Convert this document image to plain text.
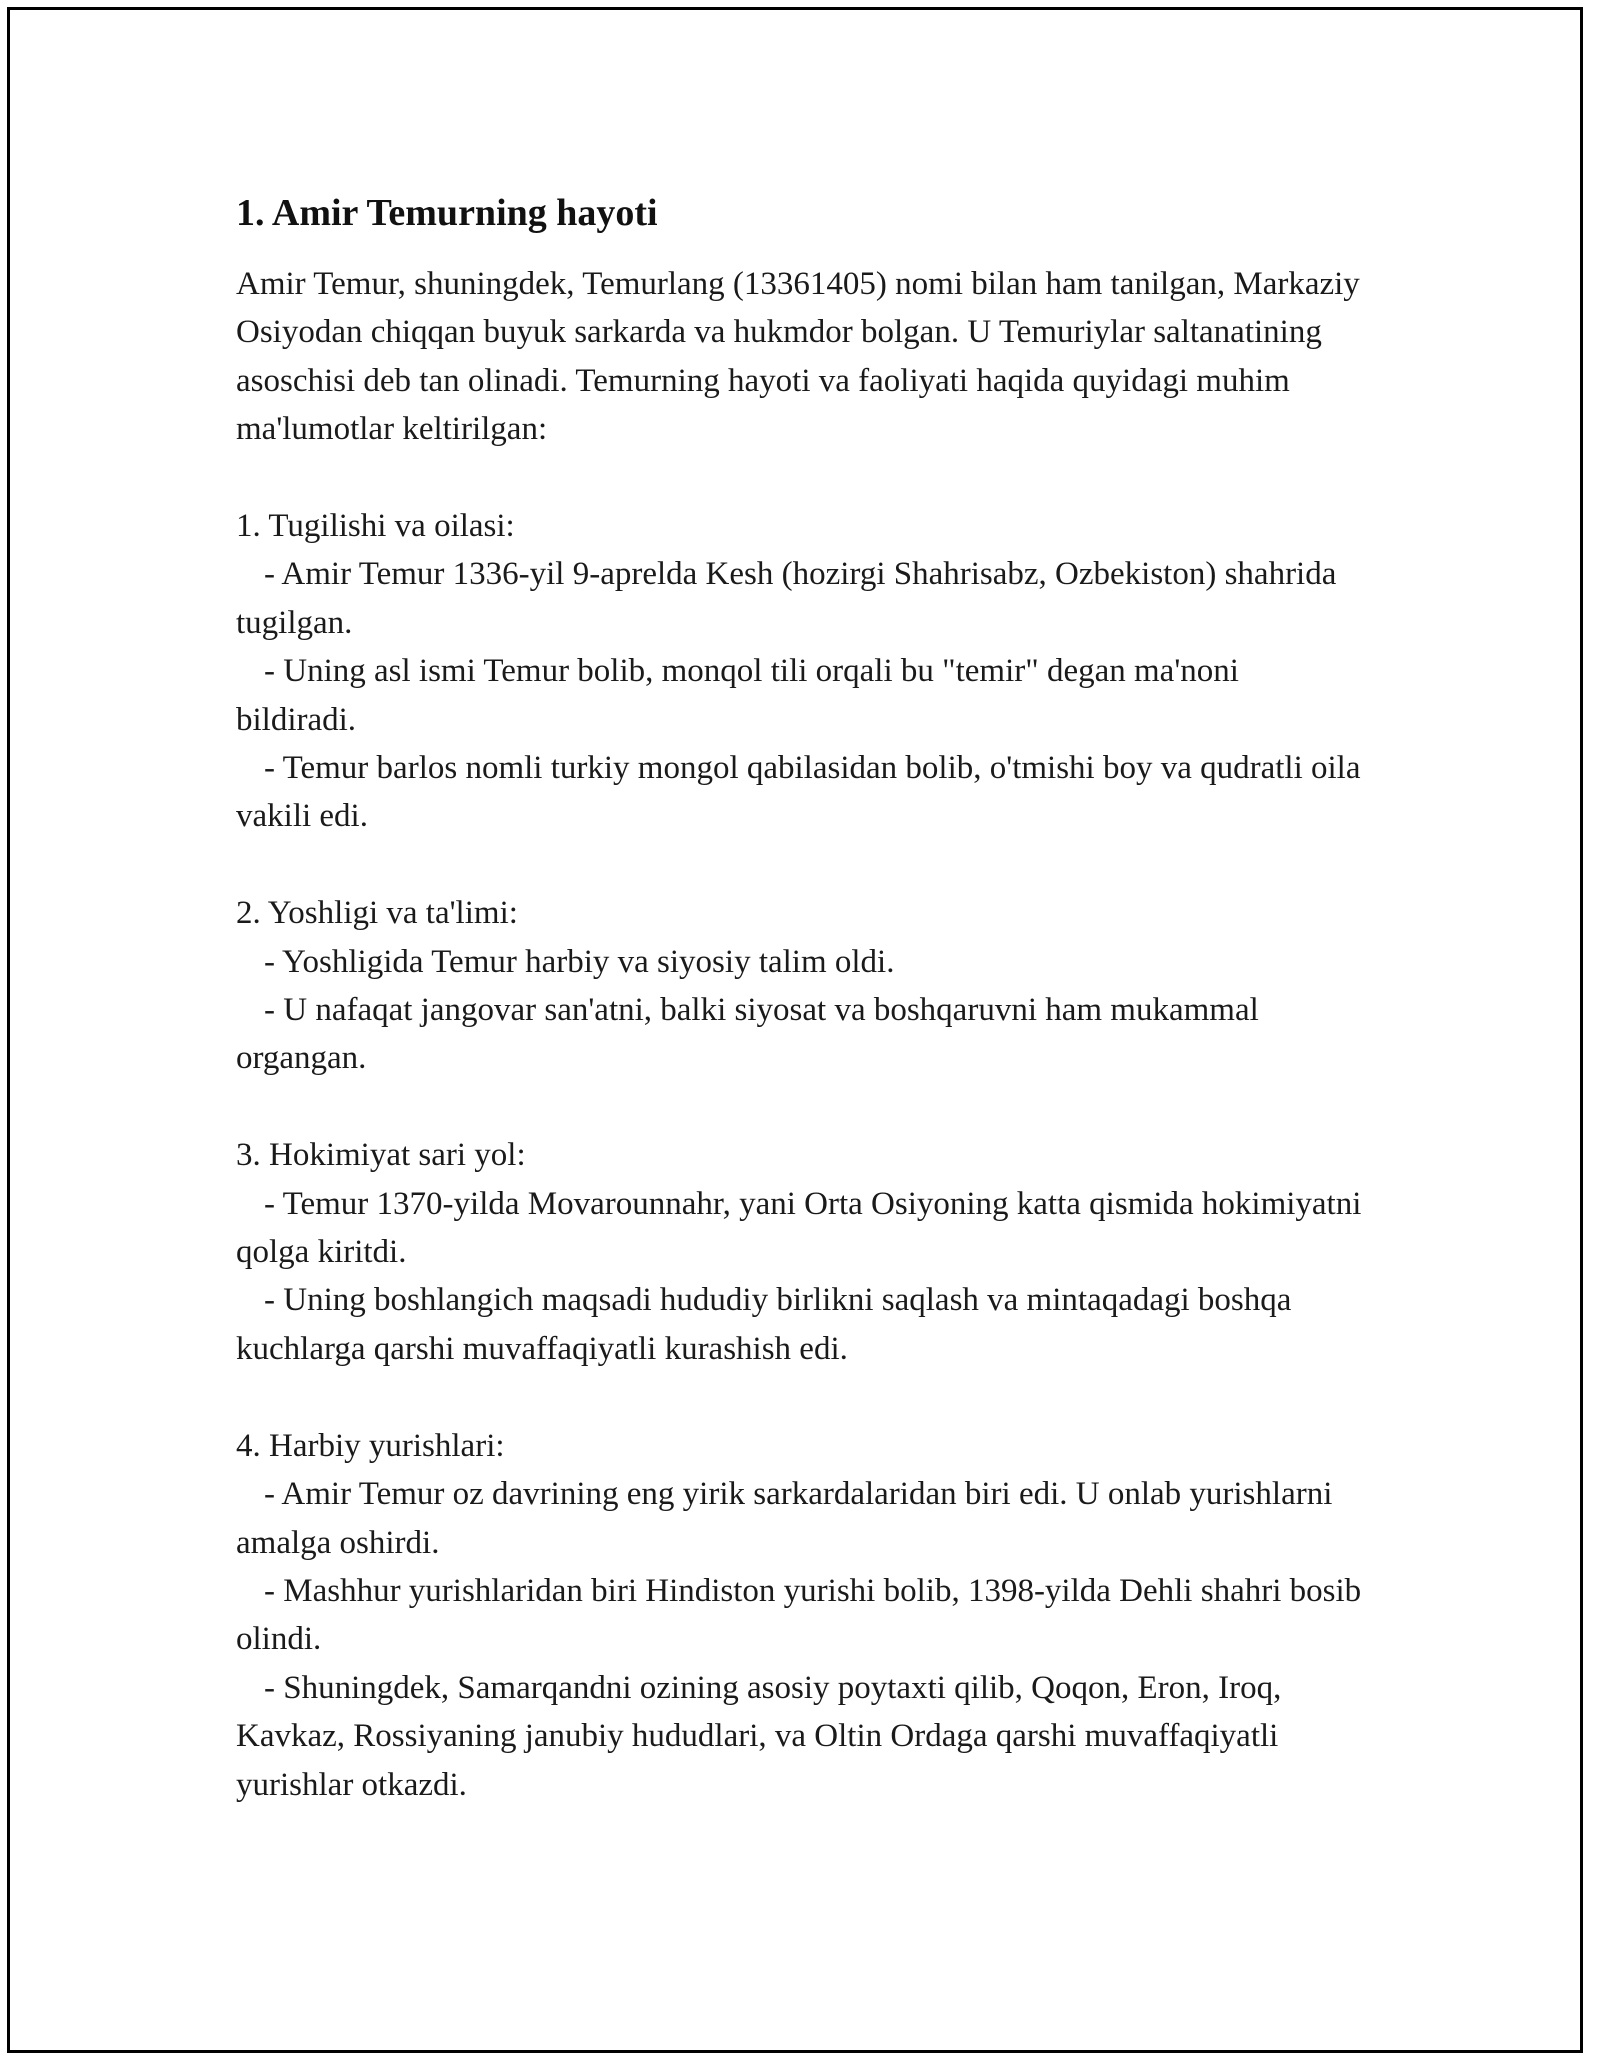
1. Amir Temurning hayoti

Amir Temur, shuningdek, Temurlang (13361405) nomi bilan ham tanilgan, Markaziy Osiyodan chiqqan buyuk sarkarda va hukmdor bolgan. U Temuriylar saltanatining asoschisi deb tan olinadi. Temurning hayoti va faoliyati haqida quyidagi muhim ma'lumotlar keltirilgan:

1. Tugilishi va oilasi:

- Amir Temur 1336-yil 9-aprelda Kesh (hozirgi Shahrisabz, Ozbekiston) shahrida tugilgan.

- Uning asl ismi Temur bolib, monqol tili orqali bu "temir" degan ma'noni bildiradi.

- Temur barlos nomli turkiy mongol qabilasidan bolib, o'tmishi boy va qudratli oila vakili edi.

2. Yoshligi va ta'limi:

- Yoshligida Temur harbiy va siyosiy talim oldi.

- U nafaqat jangovar san'atni, balki siyosat va boshqaruvni ham mukammal organgan.

3. Hokimiyat sari yol:

- Temur 1370-yilda Movarounnahr, yani Orta Osiyoning katta qismida hokimiyatni qolga kiritdi.

- Uning boshlangich maqsadi hududiy birlikni saqlash va mintaqadagi boshqa kuchlarga qarshi muvaffaqiyatli kurashish edi.

4. Harbiy yurishlari:

- Amir Temur oz davrining eng yirik sarkardalaridan biri edi. U onlab yurishlarni amalga oshirdi.

- Mashhur yurishlaridan biri Hindiston yurishi bolib, 1398-yilda Dehli shahri bosib olindi.

- Shuningdek, Samarqandni ozining asosiy poytaxti qilib, Qoqon, Eron, Iroq, Kavkaz, Rossiyaning janubiy hududlari, va Oltin Ordaga qarshi muvaffaqiyatli yurishlar otkazdi.
